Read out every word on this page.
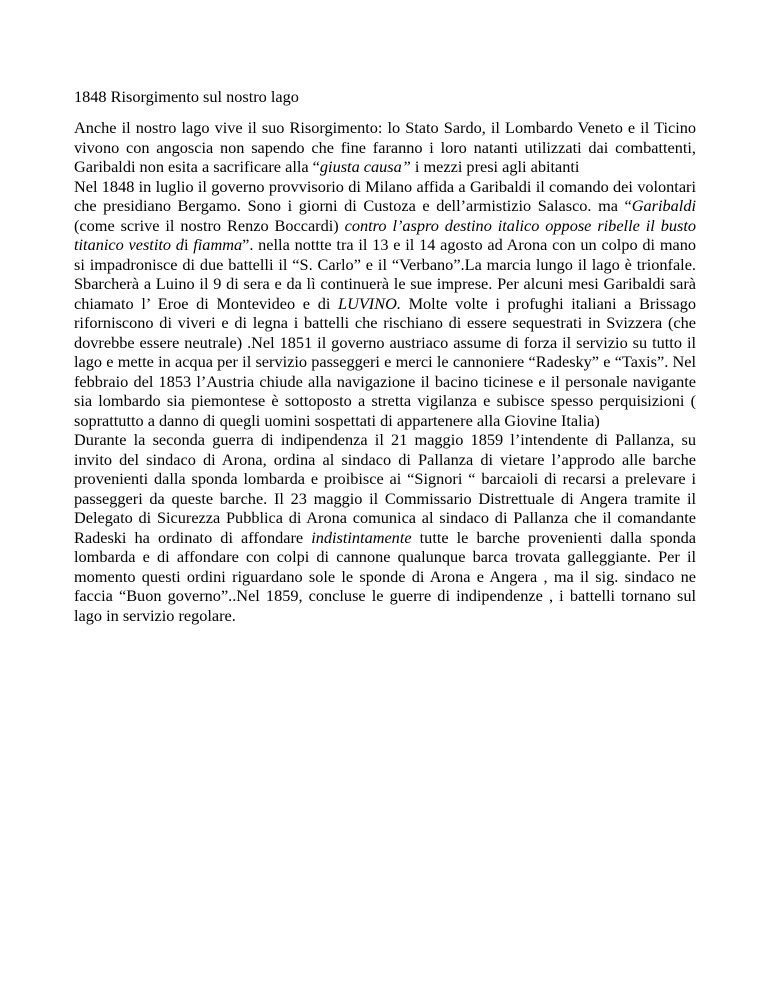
1848 Risorgimento sul nostro lago

Anche il nostro lago vive il suo Risorgimento: lo Stato Sardo, il Lombardo Veneto e il Ticino vivono con angoscia non sapendo che fine faranno i loro natanti utilizzati dai combattenti, Garibaldi non esita a sacrificare alla “giusta causa” i mezzi presi agli abitanti

Nel 1848 in luglio il governo provvisorio di Milano affida a Garibaldi il comando dei volontari che presidiano Bergamo. Sono i giorni di Custoza e dell’armistizio Salasco. ma “Garibaldi (come scrive il nostro Renzo Boccardi) contro l’aspro destino italico oppose ribelle il busto titanico vestito di fiamma”. nella nottte tra il 13 e il 14 agosto ad Arona con un colpo di mano si impadronisce di due battelli il “S. Carlo” e il “Verbano”.La marcia lungo il lago è trionfale. Sbarcherà a Luino il 9 di sera e da lì continuerà le sue imprese. Per alcuni mesi Garibaldi sarà chiamato l’ Eroe di Montevideo e di LUVINO. Molte volte i profughi italiani a Brissago riforniscono di viveri e di legna i battelli che rischiano di essere sequestrati in Svizzera (che dovrebbe essere neutrale) .Nel 1851 il governo austriaco assume di forza il servizio su tutto il lago e mette in acqua per il servizio passeggeri e merci le cannoniere “Radesky” e “Taxis”. Nel febbraio del 1853 l’Austria chiude alla navigazione il bacino ticinese e il personale navigante sia lombardo sia piemontese è sottoposto a stretta vigilanza e subisce spesso perquisizioni ( soprattutto a danno di quegli uomini sospettati di appartenere alla Giovine Italia)

Durante la seconda guerra di indipendenza il 21 maggio 1859 l’intendente di Pallanza, su invito del sindaco di Arona, ordina al sindaco di Pallanza di vietare l’approdo alle barche provenienti dalla sponda lombarda e proibisce ai “Signori “ barcaioli di recarsi a prelevare i passeggeri da queste barche. Il 23 maggio il Commissario Distrettuale di Angera tramite il Delegato di Sicurezza Pubblica di Arona comunica al sindaco di Pallanza che il comandante Radeski ha ordinato di affondare indistintamente tutte le barche provenienti dalla sponda lombarda e di affondare con colpi di cannone qualunque barca trovata galleggiante. Per il momento questi ordini riguardano sole le sponde di Arona e Angera , ma il sig. sindaco ne faccia “Buon governo”..Nel 1859, concluse le guerre di indipendenze , i battelli tornano sul lago in servizio regolare.
